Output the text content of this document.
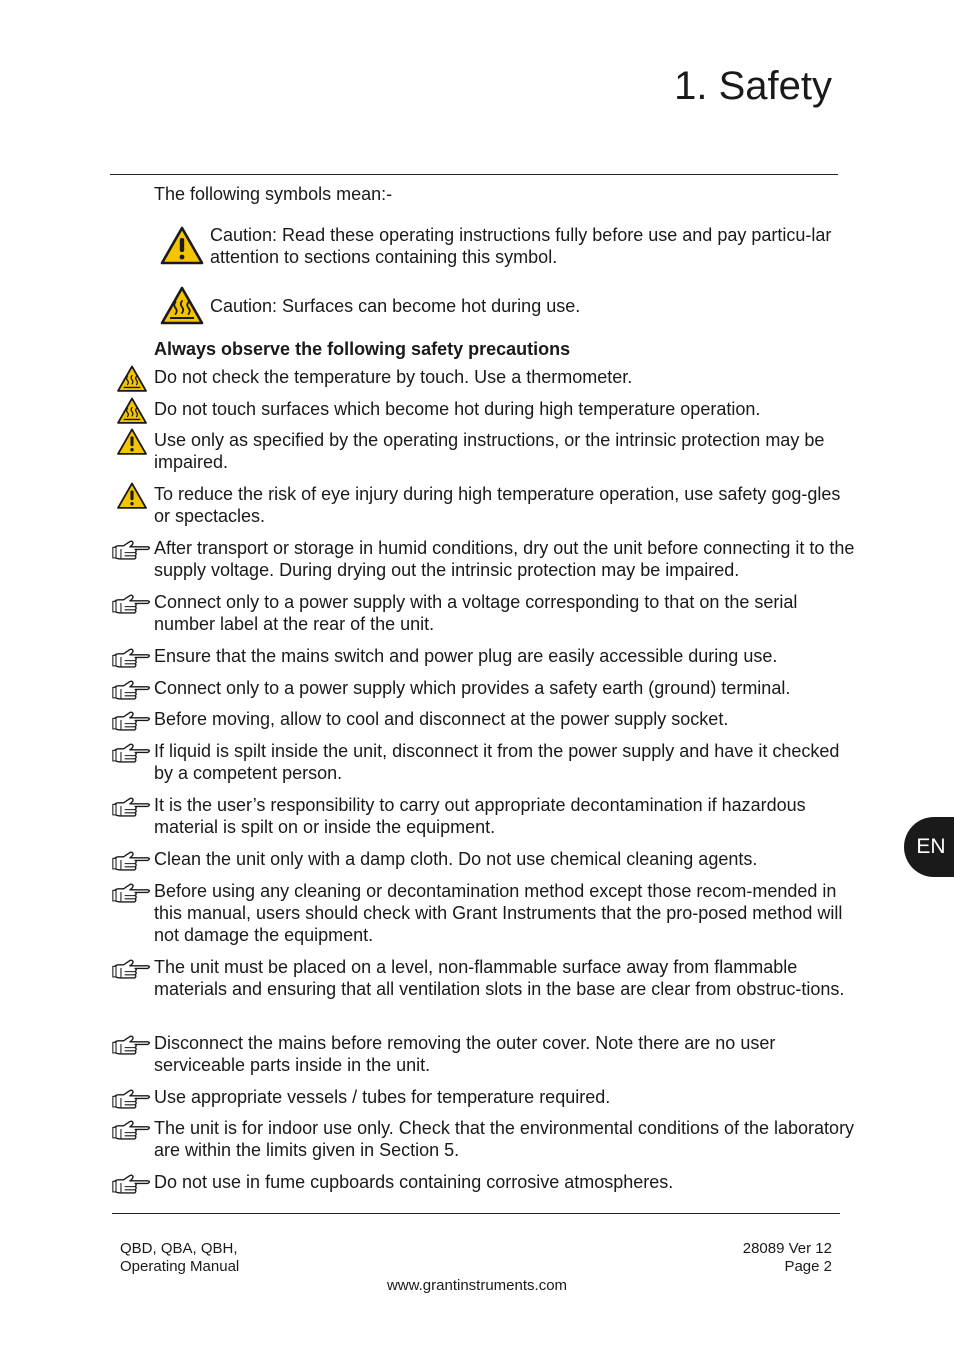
1. Safety
The following symbols mean:-
Caution: Read these operating instructions fully before use and pay particu-lar attention to sections containing this symbol.
Caution: Surfaces can become hot during use.
Always observe the following safety precautions
Do not check the temperature by touch. Use a thermometer.
Do not touch surfaces which become hot during high temperature operation.
Use only as specified by the operating instructions, or the intrinsic protection may be impaired.
To reduce the risk of eye injury during high temperature operation, use safety gog-gles or spectacles.
After transport or storage in humid conditions, dry out the unit before connecting it to the supply voltage. During drying out the intrinsic protection may be impaired.
Connect only to a power supply with a voltage corresponding to that on the serial number label at the rear of the unit.
Ensure that the mains switch and power plug are easily accessible during use.
Connect only to a power supply which provides a safety earth (ground) terminal.
Before moving, allow to cool and disconnect at the power supply socket.
If liquid is spilt inside the unit, disconnect it from the power supply and have it checked by a competent person.
It is the user’s responsibility to carry out appropriate decontamination if hazardous material is spilt on or inside the equipment.
Clean the unit only with a damp cloth. Do not use chemical cleaning agents.
Before using any cleaning or decontamination method except those recom-mended in this manual, users should check with Grant Instruments that the pro-posed method will not damage the equipment.
The unit must be placed on a level, non-flammable surface away from flammable materials and ensuring that all ventilation slots in the base are clear from obstruc-tions.
Disconnect the mains before removing the outer cover. Note there are no user serviceable parts inside in the unit.
Use appropriate vessels / tubes for temperature required.
The unit is for indoor use only. Check that the environmental conditions of the laboratory are within the limits given in Section 5.
Do not use in fume cupboards containing corrosive atmospheres.
EN
QBD, QBA, QBH,
Operating Manual
28089 Ver 12
Page 2
www.grantinstruments.com
